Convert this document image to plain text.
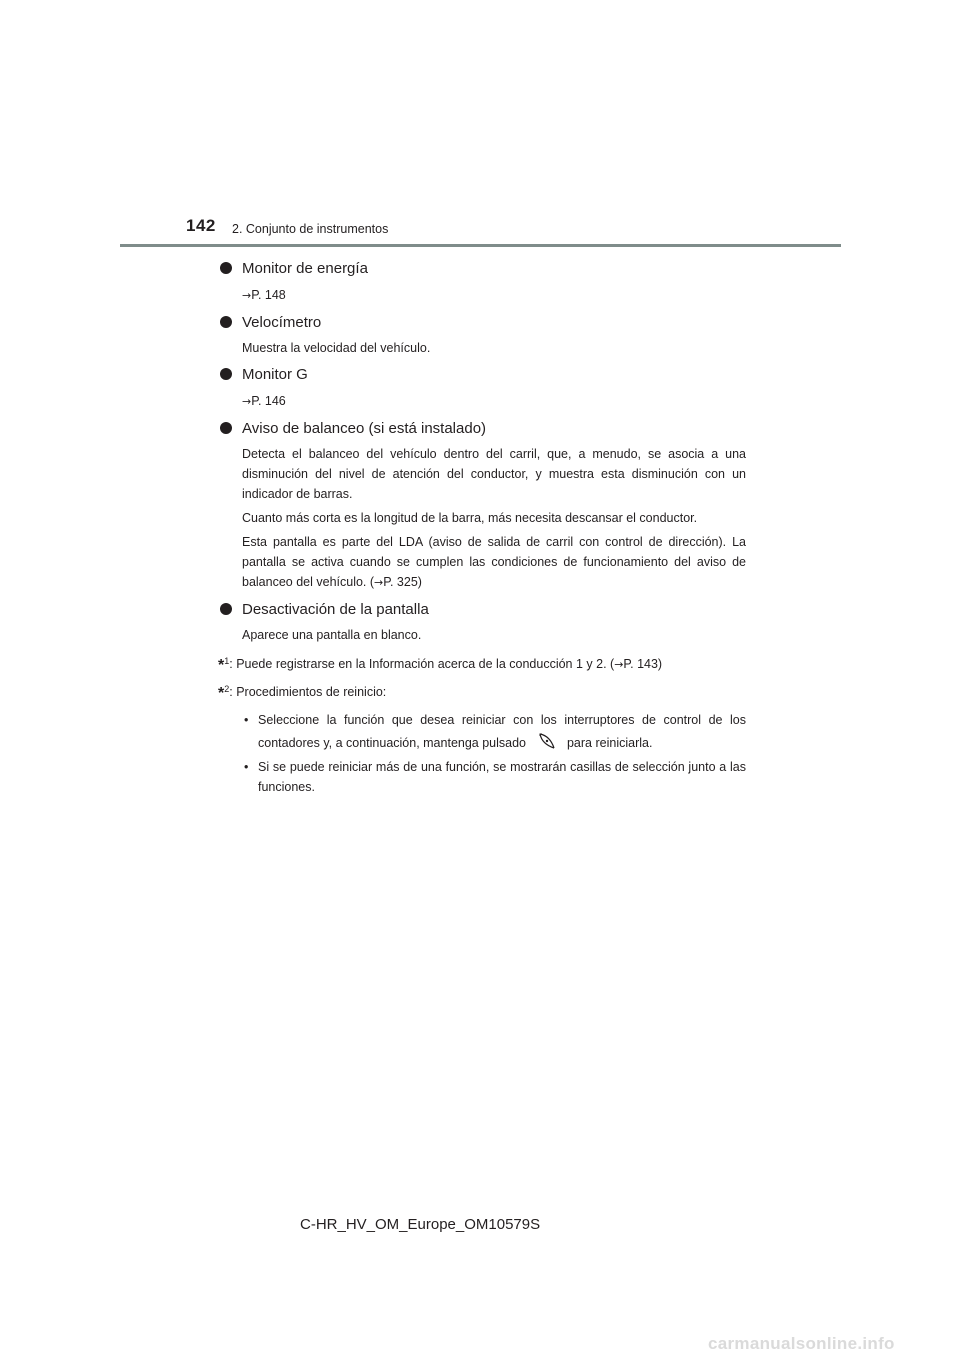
142 2. Conjunto de instrumentos
Monitor de energía
→P. 148
Velocímetro

Muestra la velocidad del vehículo.

Monitor G
→P. 146
Aviso de balanceo (si está instalado)

Detecta el balanceo del vehículo dentro del carril, que, a menudo, se asocia a una disminución del nivel de atención del conductor, y muestra esta disminución con un indicador de barras.

Cuanto más corta es la longitud de la barra, más necesita descansar el conductor.

Esta pantalla es parte del LDA (aviso de salida de carril con control de dirección). La pantalla se activa cuando se cumplen las condiciones de funcionamiento del aviso de balanceo del vehículo. (→P. 325)

Desactivación de la pantalla

Aparece una pantalla en blanco.

*$^1$: Puede registrarse en la Información acerca de la conducción 1 y 2. (→P. 143)
*$^2$: Procedimientos de reinicio:
• Seleccione la función que desea reiniciar con los interruptores de control de los contadores y, a continuación, mantenga pulsado	para reiniciarla.
• Si se puede reiniciar más de una función, se mostrarán casillas de selección junto a las funciones.
C-HR_HV_OM_Europe_OM10579S
carmanualsonline.info
